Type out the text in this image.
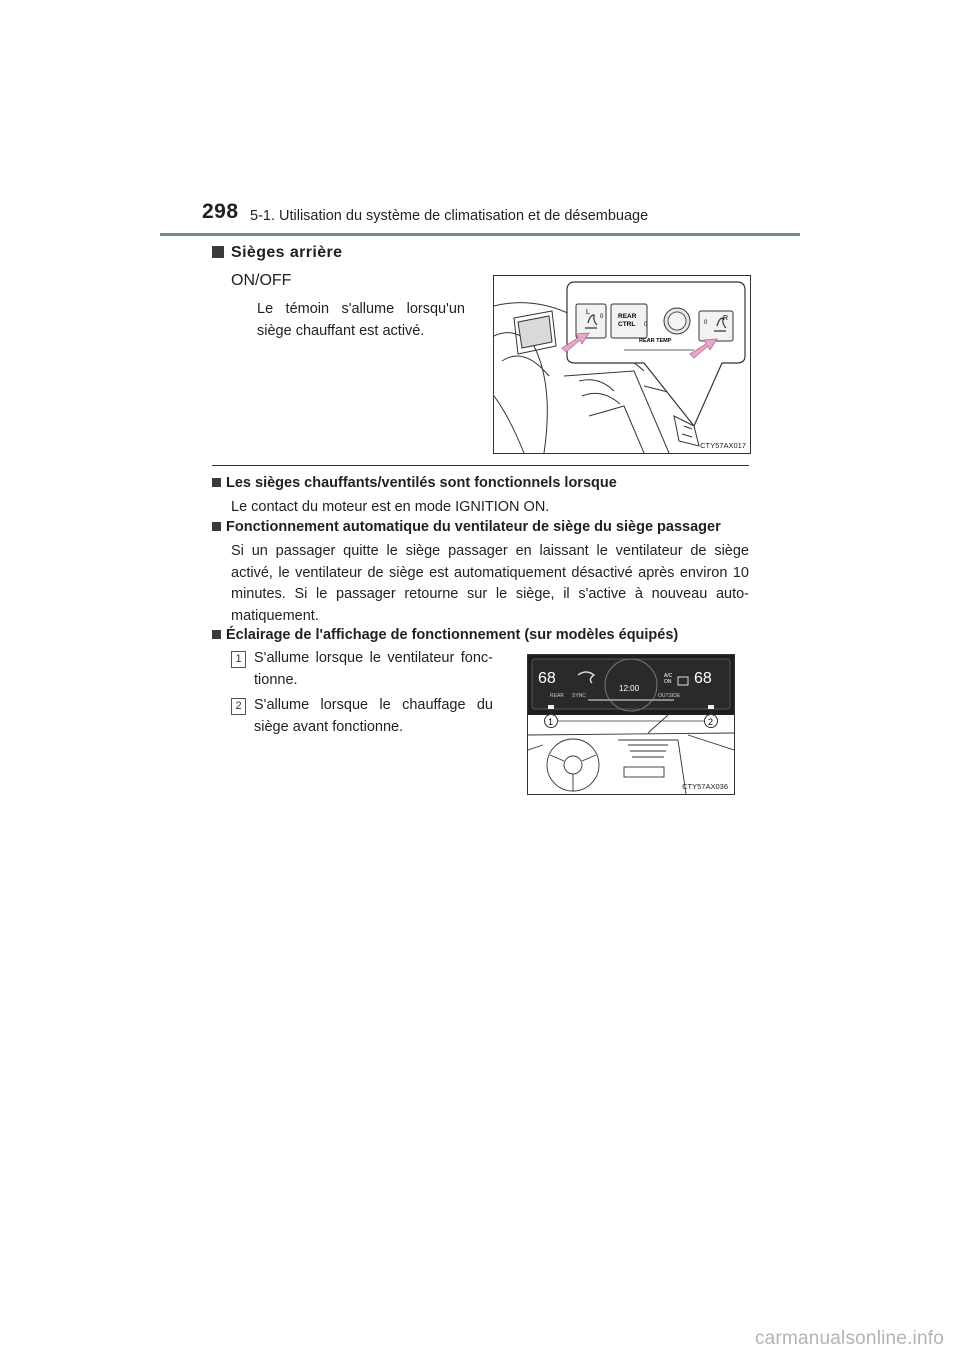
298 5-1. Utilisation du système de climatisation et de désembuage
Sièges arrière
ON/OFF
Le témoin s'allume lorsqu'un siège chauffant est activé.
L
0 REAR
CTRL 0
R
0
REAR TEMP
CTY57AX017
Les sièges chauffants/ventilés sont fonctionnels lorsque
Le contact du moteur est en mode IGNITION ON.
Fonctionnement automatique du ventilateur de siège du siège passager
Si un passager quitte le siège passager en laissant le ventilateur de siège activé, le ventilateur de siège est automatiquement désactivé après environ 10 minutes. Si le passager retourne sur le siège, il s'active à nouveau auto-matiquement.
Éclairage de l'affichage de fonctionnement (sur modèles équipés)
1 S'allume lorsque le ventilateur fonc-tionne.
2 S'allume lorsque le chauffage du siège avant fonctionne.
68	68
12:00
A/C
ON
REAR SYNC	OUTSIDE
1	2
CTY57AX036
carmanualsonline.info
